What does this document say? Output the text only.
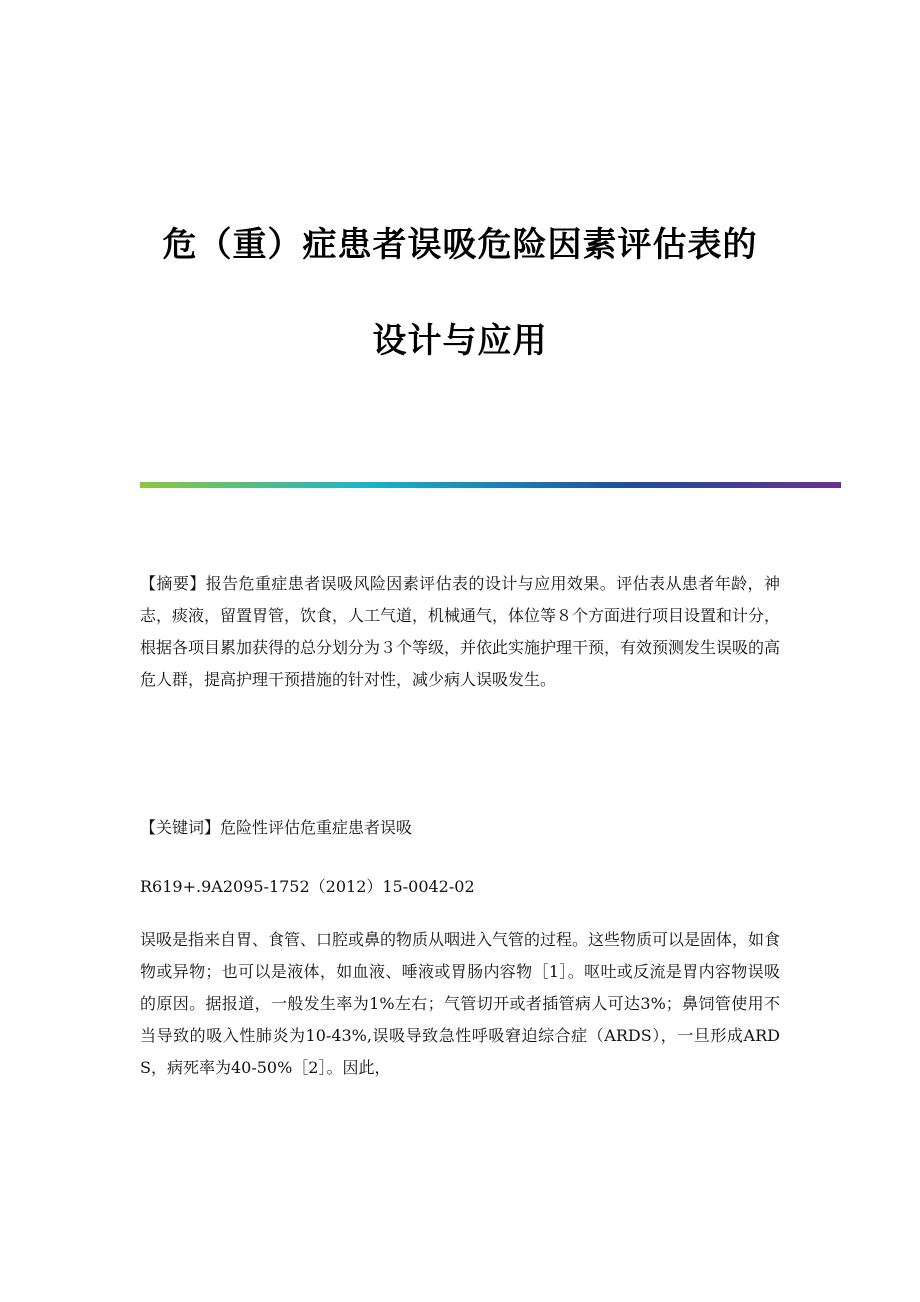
危（重）症患者误吸危险因素评估表的
设计与应用
【摘要】报告危重症患者误吸风险因素评估表的设计与应用效果。评估表从患者年龄，神志，痰液，留置胃管，饮食，人工气道，机械通气，体位等８个方面进行项目设置和计分，根据各项目累加获得的总分划分为３个等级，并依此实施护理干预，有效预测发生误吸的高危人群，提高护理干预措施的针对性，减少病人误吸发生。
【关键词】危险性评估危重症患者误吸
R619+.9A2095-1752（2012）15-0042-02
误吸是指来自胃、食管、口腔或鼻的物质从咽进入气管的过程。这些物质可以是固体，如食物或异物；也可以是液体，如血液、唾液或胃肠内容物［1］。呕吐或反流是胃内容物误吸的原因。据报道，一般发生率为1%左右；气管切开或者插管病人可达3%；鼻饲管使用不当导致的吸入性肺炎为10-43%,误吸导致急性呼吸窘迫综合症（ARDS），一旦形成ARDS，病死率为40-50%［2］。因此，
